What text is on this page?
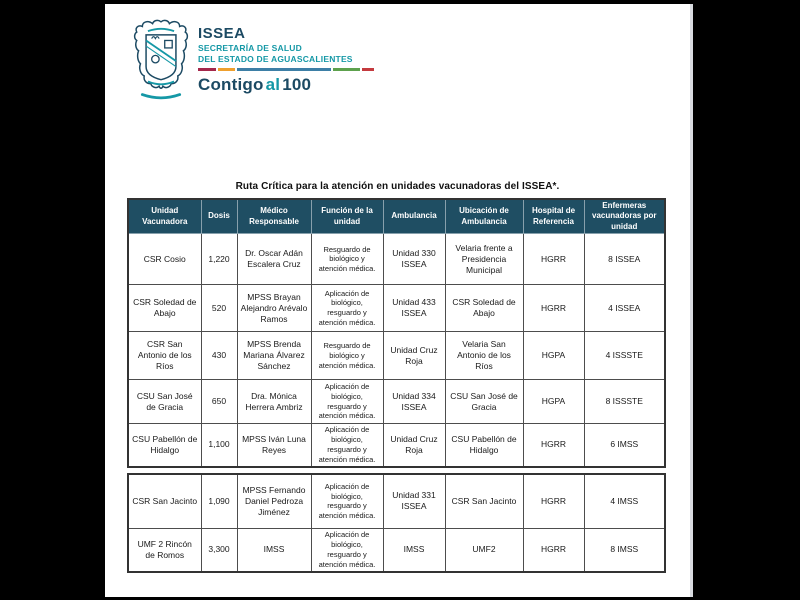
ISSEA
SECRETARÍA DE SALUD
DEL ESTADO DE AGUASCALIENTES
Contigo al 100
Ruta Crítica para la atención en unidades vacunadoras del ISSEA*.
Unidad Vacunadora	Dosis	Médico Responsable	Función de la unidad	Ambulancia	Ubicación de Ambulancia	Hospital de Referencia	Enfermeras vacunadoras por unidad
CSR Cosio	1,220	Dr. Oscar Adán Escalera Cruz	Resguardo de biológico y atención médica.	Unidad 330 ISSEA	Velaria frente a Presidencia Municipal	HGRR	8 ISSEA
CSR Soledad de Abajo	520	MPSS Brayan Alejandro Arévalo Ramos	Aplicación de biológico, resguardo y atención médica.	Unidad 433 ISSEA	CSR Soledad de Abajo	HGRR	4 ISSEA
CSR San Antonio de los Ríos	430	MPSS Brenda Mariana Álvarez Sánchez	Resguardo de biológico y atención médica.	Unidad Cruz Roja	Velaria San Antonio de los Ríos	HGPA	4 ISSSTE
CSU San José de Gracia	650	Dra. Mónica Herrera Ambriz	Aplicación de biológico, resguardo y atención médica.	Unidad 334 ISSEA	CSU San José de Gracia	HGPA	8 ISSSTE
CSU Pabellón de Hidalgo	1,100	MPSS Iván Luna Reyes	Aplicación de biológico, resguardo y atención médica.	Unidad Cruz Roja	CSU Pabellón de Hidalgo	HGRR	6 IMSS
CSR San Jacinto	1,090	MPSS Fernando Daniel Pedroza Jiménez	Aplicación de biológico, resguardo y atención médica.	Unidad 331 ISSEA	CSR San Jacinto	HGRR	4 IMSS
UMF 2 Rincón de Romos	3,300	IMSS	Aplicación de biológico, resguardo y atención médica.	IMSS	UMF2	HGRR	8 IMSS
